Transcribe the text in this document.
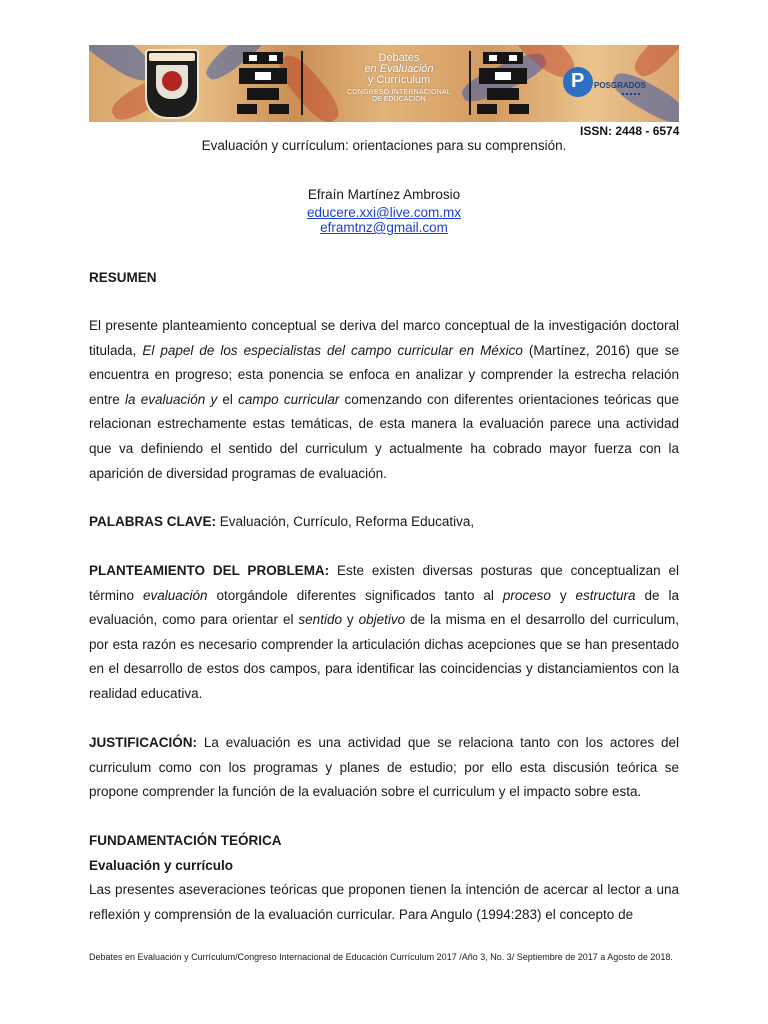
Debates
en Evaluación
y Currículum
CONGRESO INTERNACIONAL
DE EDUCACIÓN
P POSGRADOS
ISSN: 2448 - 6574
Evaluación y currículum: orientaciones para su comprensión.
Efraín Martínez Ambrosio
educere.xxi@live.com.mx
eframtnz@gmail.com
RESUMEN
El presente planteamiento conceptual se deriva del marco conceptual de la investigación doctoral titulada, El papel de los especialistas del campo curricular en México (Martínez, 2016) que se encuentra en progreso; esta ponencia se enfoca en analizar y comprender la estrecha relación entre la evaluación y el campo curricular comenzando con diferentes orientaciones teóricas que relacionan estrechamente estas temáticas, de esta manera la evaluación parece una actividad que va definiendo el sentido del curriculum y actualmente ha cobrado mayor fuerza con la aparición de diversidad programas de evaluación.
PALABRAS CLAVE: Evaluación, Currículo, Reforma Educativa,
PLANTEAMIENTO DEL PROBLEMA: Este existen diversas posturas que conceptualizan el término evaluación otorgándole diferentes significados tanto al proceso y estructura de la evaluación, como para orientar el sentido y objetivo de la misma en el desarrollo del curriculum, por esta razón es necesario comprender la articulación dichas acepciones que se han presentado en el desarrollo de estos dos campos, para identificar las coincidencias y distanciamientos con la realidad educativa.
JUSTIFICACIÓN: La evaluación es una actividad que se relaciona tanto con los actores del curriculum como con los programas y planes de estudio; por ello esta discusión teórica se propone comprender la función de la evaluación sobre el curriculum y el impacto sobre esta.
FUNDAMENTACIÓN TEÓRICA
Evaluación y currículo
Las presentes aseveraciones teóricas que proponen tienen la intención de acercar al lector a una reflexión y comprensión de la evaluación curricular. Para Angulo (1994:283) el concepto de
Debates en Evaluación y Currículum/Congreso Internacional de Educación Currículum 2017 /Año 3, No. 3/ Septiembre de 2017 a Agosto de 2018.
